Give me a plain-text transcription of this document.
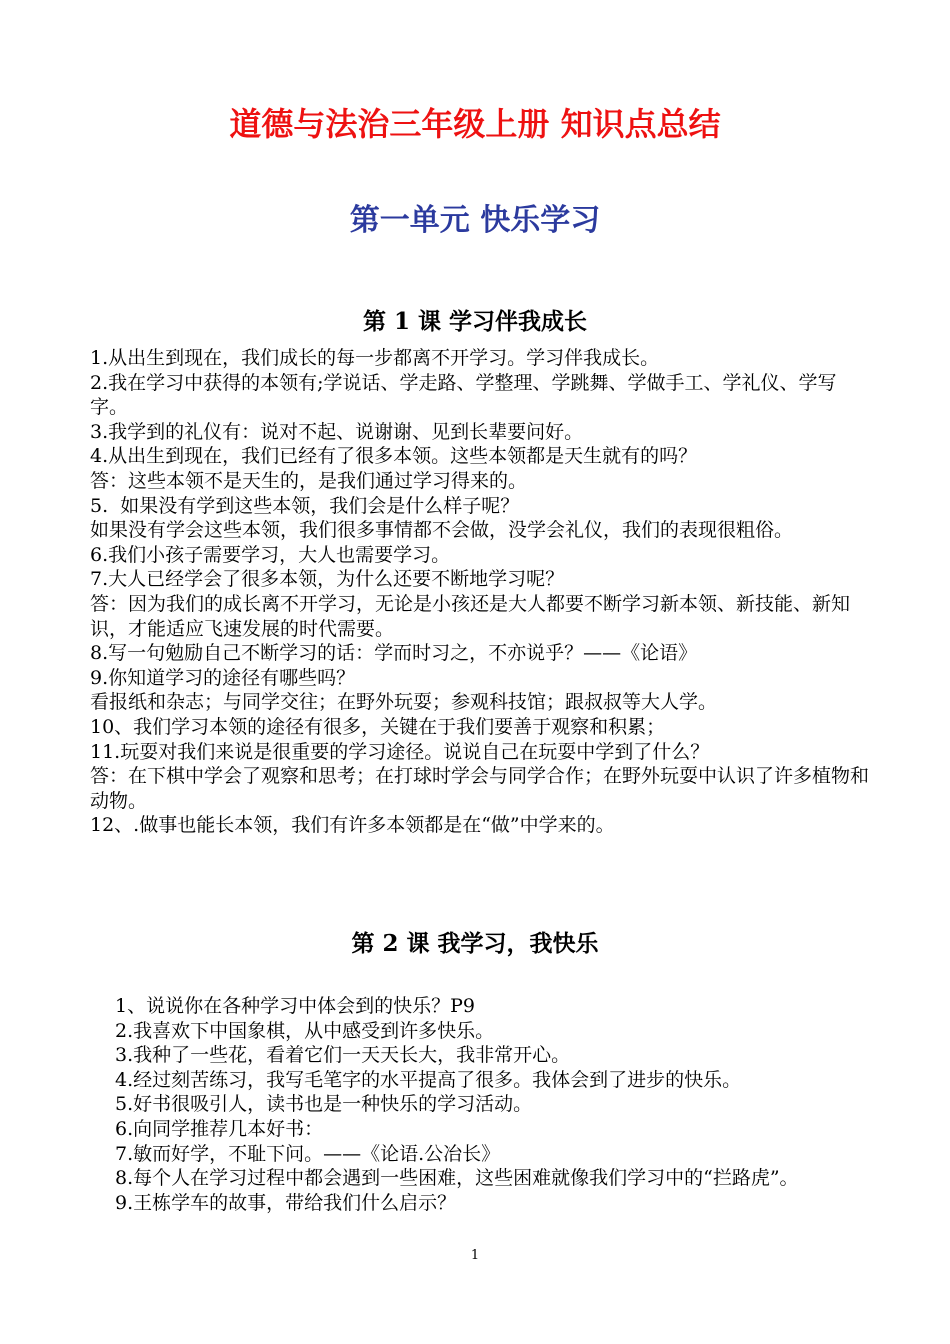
道德与法治三年级上册 知识点总结
第一单元 快乐学习
第 1 课 学习伴我成长
1.从出生到现在，我们成长的每一步都离不开学习。学习伴我成长。
2.我在学习中获得的本领有;学说话、学走路、学整理、学跳舞、学做手工、学礼仪、学写字。
3.我学到的礼仪有：说对不起、说谢谢、见到长辈要问好。
4.从出生到现在，我们已经有了很多本领。这些本领都是天生就有的吗？
答：这些本领不是天生的，是我们通过学习得来的。
5.  如果没有学到这些本领，我们会是什么样子呢？
如果没有学会这些本领，我们很多事情都不会做，没学会礼仪，我们的表现很粗俗。
6.我们小孩子需要学习，大人也需要学习。
7.大人已经学会了很多本领，为什么还要不断地学习呢？
答：因为我们的成长离不开学习，无论是小孩还是大人都要不断学习新本领、新技能、新知识，才能适应飞速发展的时代需要。
8.写一句勉励自己不断学习的话：学而时习之，不亦说乎？——《论语》
9.你知道学习的途径有哪些吗？
看报纸和杂志；与同学交往；在野外玩耍；参观科技馆；跟叔叔等大人学。
10、我们学习本领的途径有很多，关键在于我们要善于观察和积累；
11.玩耍对我们来说是很重要的学习途径。说说自己在玩耍中学到了什么？
答：在下棋中学会了观察和思考；在打球时学会与同学合作；在野外玩耍中认识了许多植物和动物。
12、.做事也能长本领，我们有许多本领都是在“做”中学来的。
第 2 课 我学习，我快乐
1、说说你在各种学习中体会到的快乐？P9
2.我喜欢下中国象棋，从中感受到许多快乐。
3.我种了一些花，看着它们一天天长大，我非常开心。
4.经过刻苦练习，我写毛笔字的水平提高了很多。我体会到了进步的快乐。
5.好书很吸引人，读书也是一种快乐的学习活动。
6.向同学推荐几本好书：
7.敏而好学，不耻下问。——《论语.公冶长》
8.每个人在学习过程中都会遇到一些困难，这些困难就像我们学习中的“拦路虎”。
9.王栋学车的故事，带给我们什么启示？
1
